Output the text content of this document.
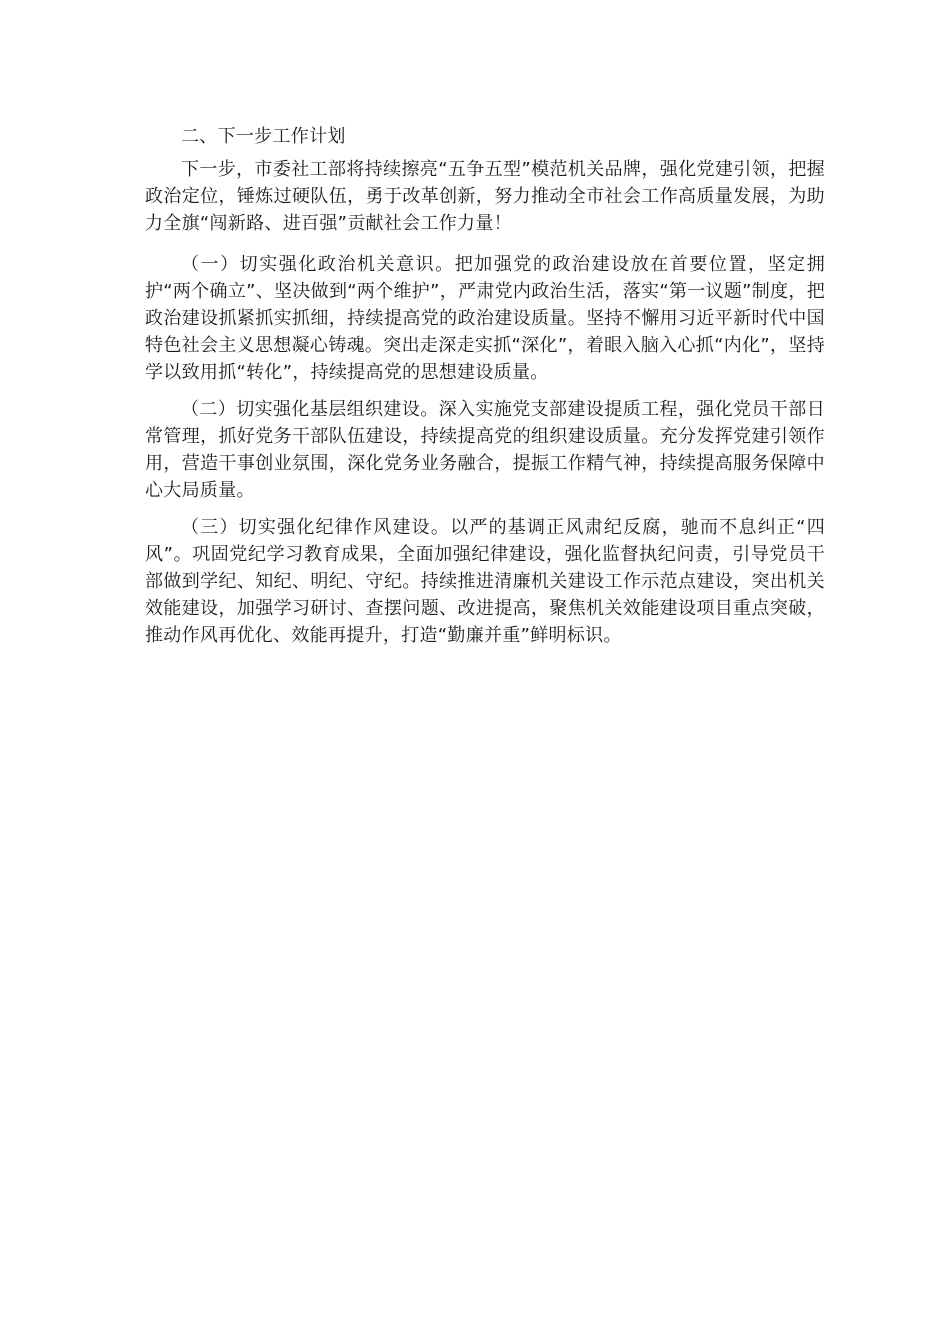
二、下一步工作计划

下一步，市委社工部将持续擦亮“五争五型”模范机关品牌，强化党建引领，把握政治定位，锤炼过硬队伍，勇于改革创新，努力推动全市社会工作高质量发展，为助力全旗“闯新路、进百强”贡献社会工作力量！

（一）切实强化政治机关意识。把加强党的政治建设放在首要位置，坚定拥护“两个确立”、坚决做到“两个维护”，严肃党内政治生活，落实“第一议题”制度，把政治建设抓紧抓实抓细，持续提高党的政治建设质量。坚持不懈用习近平新时代中国特色社会主义思想凝心铸魂。突出走深走实抓“深化”，着眼入脑入心抓“内化”，坚持学以致用抓“转化”，持续提高党的思想建设质量。

（二）切实强化基层组织建设。深入实施党支部建设提质工程，强化党员干部日常管理，抓好党务干部队伍建设，持续提高党的组织建设质量。充分发挥党建引领作用，营造干事创业氛围，深化党务业务融合，提振工作精气神，持续提高服务保障中心大局质量。

（三）切实强化纪律作风建设。以严的基调正风肃纪反腐，驰而不息纠正“四风”。巩固党纪学习教育成果，全面加强纪律建设，强化监督执纪问责，引导党员干部做到学纪、知纪、明纪、守纪。持续推进清廉机关建设工作示范点建设，突出机关效能建设，加强学习研讨、查摆问题、改进提高，聚焦机关效能建设项目重点突破，推动作风再优化、效能再提升，打造“勤廉并重”鲜明标识。
